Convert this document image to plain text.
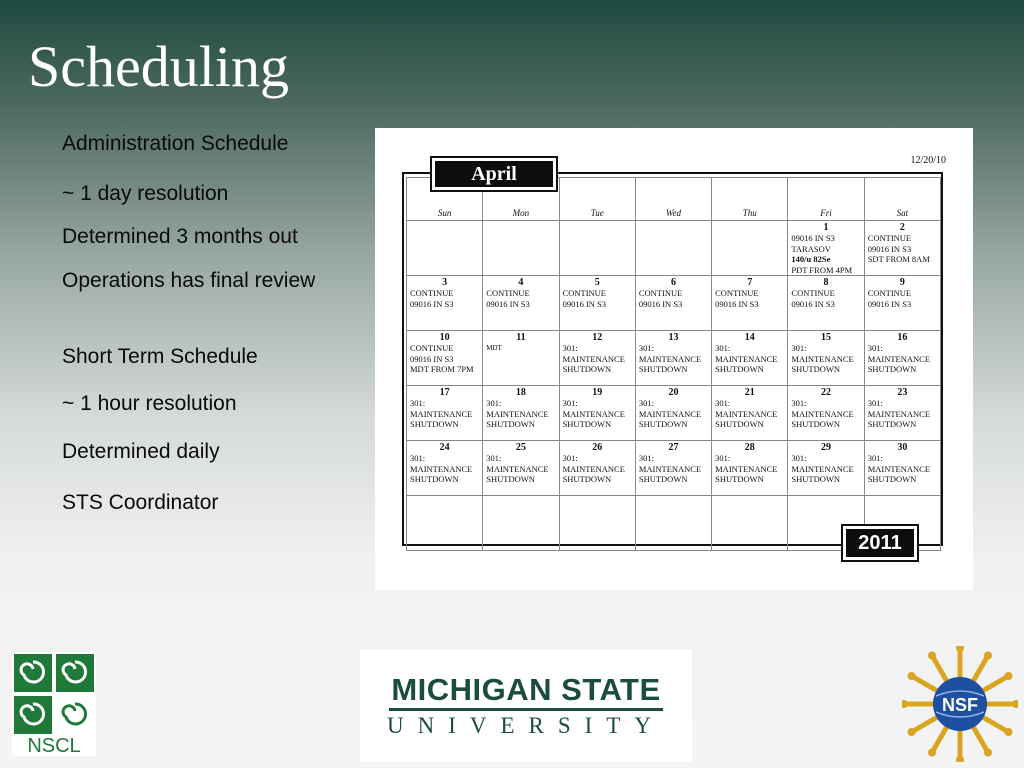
Scheduling
Administration Schedule
~ 1 day resolution
Determined 3 months out
Operations has final review
Short Term Schedule
~ 1 hour resolution
Determined daily
STS Coordinator
12/20/10
Sun	Mon	Tue	Wed	Thu	Fri	Sat

					1
09016 IN S3
TARASOV
140/u 82Se
PDT FROM 4PM	2
CONTINUE
09016 IN S3
SDT FROM 8AM

3
CONTINUE
09016 IN S3	4
CONTINUE
09016 IN S3	5
CONTINUE
09016 IN S3	6
CONTINUE
09016 IN S3	7
CONTINUE
09016 IN S3	8
CONTINUE
09016 IN S3	9
CONTINUE
09016 IN S3

10
CONTINUE
09016 IN S3
MDT FROM 7PM	11
MDT	12
301:
MAINTENANCE
SHUTDOWN	13
301:
MAINTENANCE
SHUTDOWN	14
301:
MAINTENANCE
SHUTDOWN	15
301:
MAINTENANCE
SHUTDOWN	16
301:
MAINTENANCE
SHUTDOWN

17
301:
MAINTENANCE
SHUTDOWN	18
301:
MAINTENANCE
SHUTDOWN	19
301:
MAINTENANCE
SHUTDOWN	20
301:
MAINTENANCE
SHUTDOWN	21
301:
MAINTENANCE
SHUTDOWN	22
301:
MAINTENANCE
SHUTDOWN	23
301:
MAINTENANCE
SHUTDOWN

24
301:
MAINTENANCE
SHUTDOWN	25
301:
MAINTENANCE
SHUTDOWN	26
301:
MAINTENANCE
SHUTDOWN	27
301:
MAINTENANCE
SHUTDOWN	28
301:
MAINTENANCE
SHUTDOWN	29
301:
MAINTENANCE
SHUTDOWN	30
301:
MAINTENANCE
SHUTDOWN

April
2011
NSCL
MICHIGAN STATE
UNIVERSITY
NSF
